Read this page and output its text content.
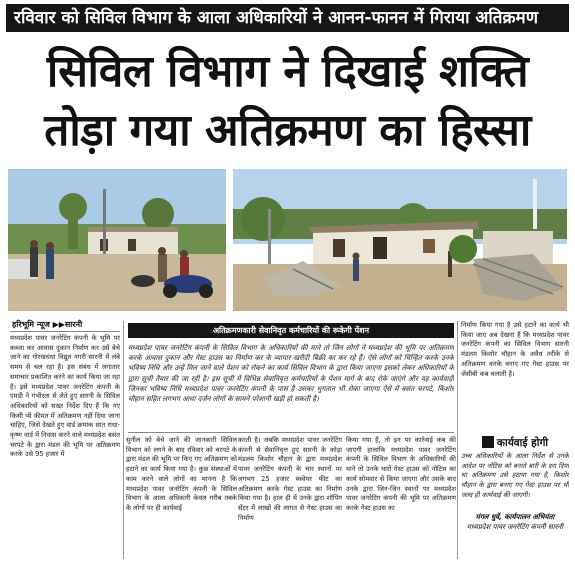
रविवार को सिविल विभाग के आला अधिकारियों ने आनन-फानन में गिराया अतिक्रमण
सिविल विभाग ने दिखाई शक्ति
तोड़ा गया अतिक्रमण का हिस्सा
हरिभूमि न्यूज ▶▶सारनी
मध्यप्रदेश पावर जनरेटिंग कंपनी के भूमि पर कब्जा कर आवास दुकान निर्माण कर उसे बेचे जाने का गोरखधंधा विद्युत नगरी सारनी में लंबे समय से चल रहा है। इस संबंध में लगातार समाचार प्रकाशित करने का कार्य किया जा रहा है। इसे मध्यप्रदेश पावर जनरेटिंग कंपनी के एमडी ने गंभीरता से लेते हुए सारनी के सिविल अधिकारियों को सख्त निर्देश दिए हैं कि नए किसी भी कीमत में अतिक्रमण नहीं दिया जाना चाहिए, जिसे देखते हुए वार्ड क्रमांक सात राधा-कृष्ण वार्ड में निवास करने वाले मध्यप्रदेश बसंत चरपटे के द्वारा मंडल की भूमि पर अतिक्रमण करके उसे 95 हजार में
अतिक्रमणकारी सेवानिवृत कर्मचारियों की रूकेगी पेंशन
मध्यप्रदेश पावर जनरेटिंग कंपनी के सिविल विभाग के अधिकारियों की माने तो जिन लोगों ने मध्यप्रदेश की भूमि पर अतिक्रमण करके आवास दुकान और गेस्ट हाउस का निर्माण कर के व्यापार खरीदी बिक्री का कर रहे हैं। ऐसे लोगों को चिन्हित करके उनके भविष्य निधि और उन्हें मिल जाने वाले पेंशन को रोकने का कार्य सिविल विभाग के द्वारा किया जाएगा इसको लेकर अधिकारियों के द्वारा सूची तैयार की जा रही है। इस सूची में विभिन्न सेवानिवृत्त कर्मचारियों के पेंशन मार्ग के बाद रोके जाएंगे और यह कार्यवाही जिनका भविष्य निधि मध्यप्रदेश पावर जनरेटिंग कंपनी के पास है उसका भुगतान भी रोका जाएगा ऐसे में बसंत चरपटे, किशोर चौहान सहित लगभग आधा दर्जन लोगों के सामने परेशानी खड़ी हो सकती है।
सुनील को बेचे जाने की जानकारी सिविल विभाग को लगने के बाद रविवार को चरपटे के द्वारा मंडल की भूमि पर किए गए अतिक्रमण को हटाने का कार्य किया गया है। कुछ संस्थाओं में काम करने वाले लोगों का मानना है कि मध्यप्रदेश पावर जनरेटिंग कंपनी के सिविल विभाग के आला अधिकारी केवल गरीब तबके के लोगों पर ही कार्यवाई
करती है। जबकि मध्यप्रदेश पावर जनरेटिंग कंपनी से सेवानिवृत्त हुए सारनी के कोड़ा मंडलम किशोर चौहान के द्वारा मध्यप्रदेश पावर जनरेटिंग कंपनी के चार स्थानों पर लगभग 25 हजार स्क्वेयर फीट का अतिक्रमण करके गेस्ट हाउस का निर्माण किया गया है। हाल ही में उनके द्वारा शॉपिंग सेंटर में लाखों की लागत से गेस्ट हाउस का निर्माण
किया गया है, तो इन पर कार्रवाई कब की जाएगी हालांकि मध्यप्रदेश पावर जनरेटिंग कंपनी के सिविल विभाग के अधिकारियों की माने तो उनके घारों गेस्ट हाउस को नोटिस का कार्य सोमवार से किया जाएगा और उसके बाद उनके द्वारा जिन-जिन स्थानों पर मध्यप्रदेश पावर जनरेटिंग कंपनी की भूमि पर अतिक्रमण करके गेस्ट हाउस का
निर्माण किया गया है उसे हटाने का कार्य भी किया जाए अब देखना है कि मध्यप्रदेश पावर जनरेटिंग कंपनी का सिविल विभाग सारनी मंडलम किशोर चौहान के अवैध तरीके से अतिक्रमण करके बनाए गए गेस्ट हाउस पर जेसीबी कब चलाती है।
कार्यवाई होगी
उच्च अधिकारियों के आला निर्देश से उनके आदेश पर नोटिस को बनाते बारी के दरा दिया था अतिक्रमण उसे हटाया गया है, किशोर चौहान के द्वारा बनाए गए गेस्ट हाउस पर भी जल्द ही कार्यवाई की जाएगी।
मंगल धुर्वे, कार्यपालन अभियंता
मध्यप्रदेश पावर जनरेटिंग कंपनी सारनी
